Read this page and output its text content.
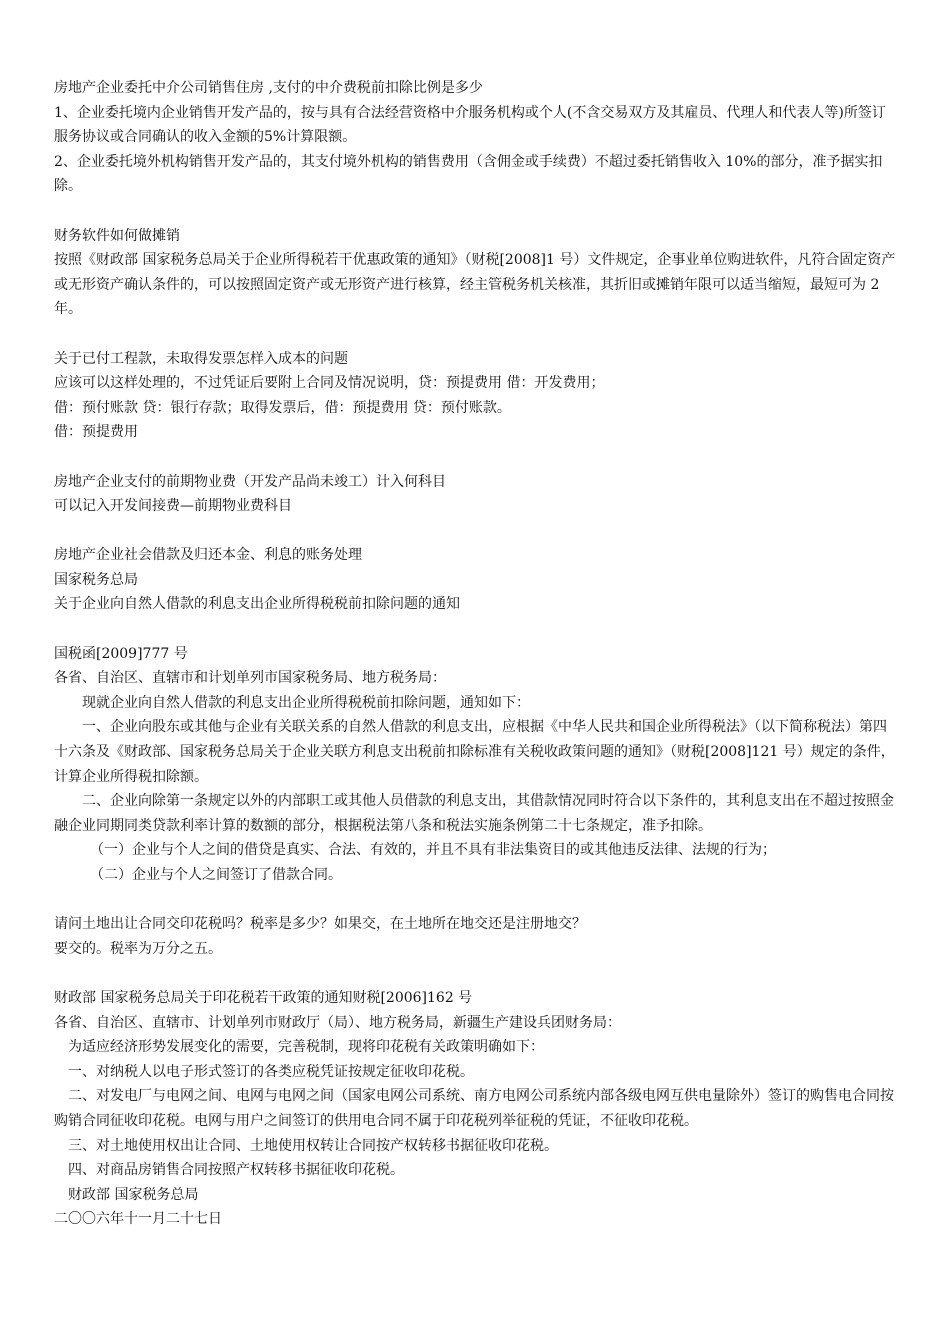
房地产企业委托中介公司销售住房 ,支付的中介费税前扣除比例是多少

1、企业委托境内企业销售开发产品的，按与具有合法经营资格中介服务机构或个人(不含交易双方及其雇员、代理人和代表人等)所签订服务协议或合同确认的收入金额的5%计算限额。

2、企业委托境外机构销售开发产品的，其支付境外机构的销售费用（含佣金或手续费）不超过委托销售收入 10%的部分，准予据实扣除。

财务软件如何做摊销

按照《财政部 国家税务总局关于企业所得税若干优惠政策的通知》（财税[2008]1 号）文件规定，企事业单位购进软件，凡符合固定资产或无形资产确认条件的，可以按照固定资产或无形资产进行核算，经主管税务机关核准，其折旧或摊销年限可以适当缩短，最短可为 2 年。

关于已付工程款，未取得发票怎样入成本的问题

应该可以这样处理的，不过凭证后要附上合同及情况说明，贷：预提费用 借：开发费用；

借：预付账款 贷：银行存款；取得发票后，借：预提费用 贷：预付账款。

借：预提费用

房地产企业支付的前期物业费（开发产品尚未竣工）计入何科目

可以记入开发间接费—前期物业费科目

房地产企业社会借款及归还本金、利息的账务处理

国家税务总局

关于企业向自然人借款的利息支出企业所得税税前扣除问题的通知

国税函[2009]777 号

各省、自治区、直辖市和计划单列市国家税务局、地方税务局：

现就企业向自然人借款的利息支出企业所得税税前扣除问题，通知如下：

一、企业向股东或其他与企业有关联关系的自然人借款的利息支出，应根据《中华人民共和国企业所得税法》（以下简称税法）第四十六条及《财政部、国家税务总局关于企业关联方利息支出税前扣除标准有关税收政策问题的通知》（财税[2008]121 号）规定的条件，计算企业所得税扣除额。

二、企业向除第一条规定以外的内部职工或其他人员借款的利息支出，其借款情况同时符合以下条件的，其利息支出在不超过按照金融企业同期同类贷款利率计算的数额的部分，根据税法第八条和税法实施条例第二十七条规定，准予扣除。

（一）企业与个人之间的借贷是真实、合法、有效的，并且不具有非法集资目的或其他违反法律、法规的行为；

（二）企业与个人之间签订了借款合同。

请问土地出让合同交印花税吗？税率是多少？如果交，在土地所在地交还是注册地交？

要交的。税率为万分之五。

财政部 国家税务总局关于印花税若干政策的通知财税[2006]162 号

各省、自治区、直辖市、计划单列市财政厅（局）、地方税务局，新疆生产建设兵团财务局：

为适应经济形势发展变化的需要，完善税制，现将印花税有关政策明确如下：

一、对纳税人以电子形式签订的各类应税凭证按规定征收印花税。

二、对发电厂与电网之间、电网与电网之间（国家电网公司系统、南方电网公司系统内部各级电网互供电量除外）签订的购售电合同按购销合同征收印花税。电网与用户之间签订的供用电合同不属于印花税列举征税的凭证，不征收印花税。

三、对土地使用权出让合同、土地使用权转让合同按产权转移书据征收印花税。

四、对商品房销售合同按照产权转移书据征收印花税。

财政部 国家税务总局

二〇〇六年十一月二十七日
